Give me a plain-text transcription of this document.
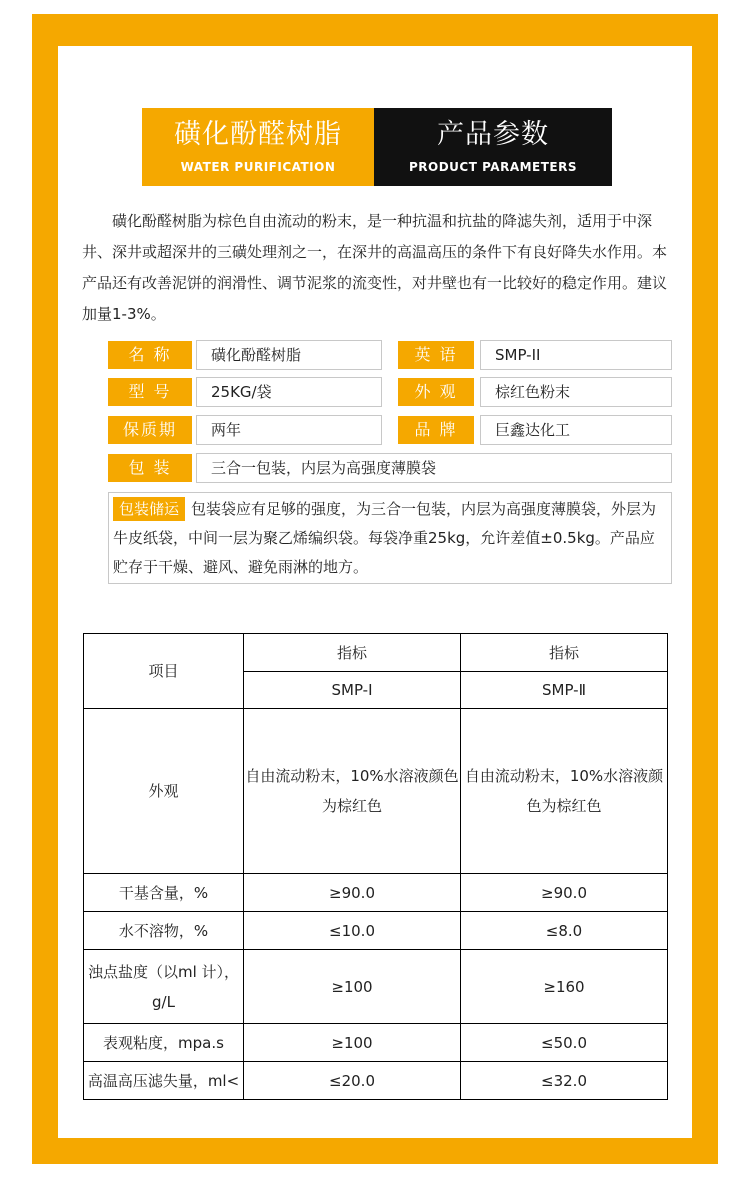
磺化酚醛树脂
WATER PURIFICATION
产品参数
PRODUCT PARAMETERS

磺化酚醛树脂为棕色自由流动的粉末，是一种抗温和抗盐的降滤失剂，适用于中深井、深井或超深井的三磺处理剂之一，在深井的高温高压的条件下有良好降失水作用。本产品还有改善泥饼的润滑性、调节泥浆的流变性，对井壁也有一比较好的稳定作用。建议加量1-3%。

名 称	磺化酚醛树脂	英 语	SMP-II
型 号	25KG/袋	外 观	棕红色粉末
保质期	两年	品 牌	巨鑫达化工
包 装	三合一包装，内层为高强度薄膜袋
包装储运 包装袋应有足够的强度，为三合一包装，内层为高强度薄膜袋，外层为牛皮纸袋，中间一层为聚乙烯编织袋。每袋净重25kg，允许差值±0.5kg。产品应贮存于干燥、避风、避免雨淋的地方。
项目	指标	指标
	SMP-Ⅰ	SMP-Ⅱ
外观	自由流动粉末，10%水溶液颜色为棕红色	自由流动粉末，10%水溶液颜色为棕红色
干基含量，%	≥90.0	≥90.0
水不溶物，%	≤10.0	≤8.0
浊点盐度（以ml 计），g/L	≥100	≥160
表观粘度，mpa.s	≥100	≤50.0
高温高压滤失量，ml<	≤20.0	≤32.0
